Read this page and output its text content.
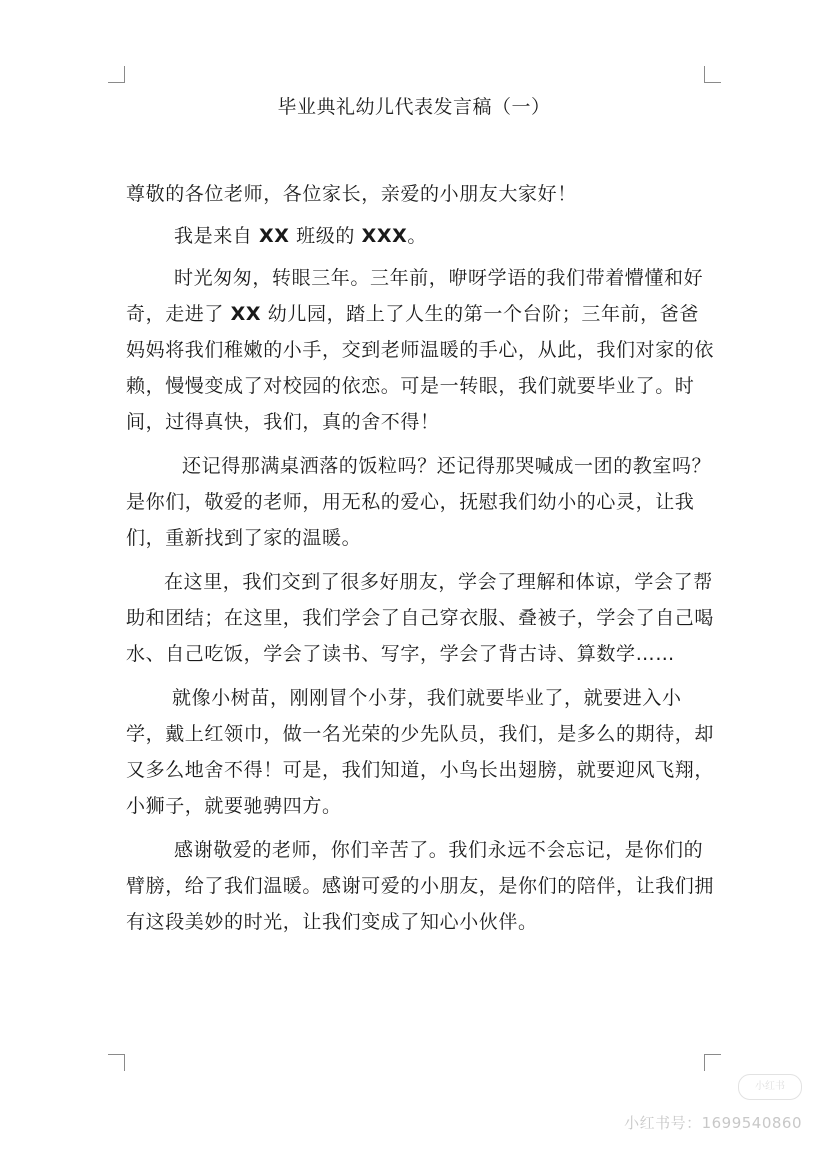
毕业典礼幼儿代表发言稿（一）

尊敬的各位老师，各位家长，亲爱的小朋友大家好！

我是来自 XX 班级的 XXX。

时光匆匆，转眼三年。三年前，咿呀学语的我们带着懵懂和好奇，走进了 XX 幼儿园，踏上了人生的第一个台阶；三年前，爸爸妈妈将我们稚嫩的小手，交到老师温暖的手心，从此，我们对家的依赖，慢慢变成了对校园的依恋。可是一转眼，我们就要毕业了。时间，过得真快，我们，真的舍不得！

还记得那满桌洒落的饭粒吗？还记得那哭喊成一团的教室吗？是你们，敬爱的老师，用无私的爱心，抚慰我们幼小的心灵，让我们，重新找到了家的温暖。

在这里，我们交到了很多好朋友，学会了理解和体谅，学会了帮助和团结；在这里，我们学会了自己穿衣服、叠被子，学会了自己喝水、自己吃饭，学会了读书、写字，学会了背古诗、算数学……

就像小树苗，刚刚冒个小芽，我们就要毕业了，就要进入小学，戴上红领巾，做一名光荣的少先队员，我们，是多么的期待，却又多么地舍不得！可是，我们知道，小鸟长出翅膀，就要迎风飞翔，小狮子，就要驰骋四方。

感谢敬爱的老师，你们辛苦了。我们永远不会忘记，是你们的臂膀，给了我们温暖。感谢可爱的小朋友，是你们的陪伴，让我们拥有这段美妙的时光，让我们变成了知心小伙伴。

小红书
小红书号：1699540860
